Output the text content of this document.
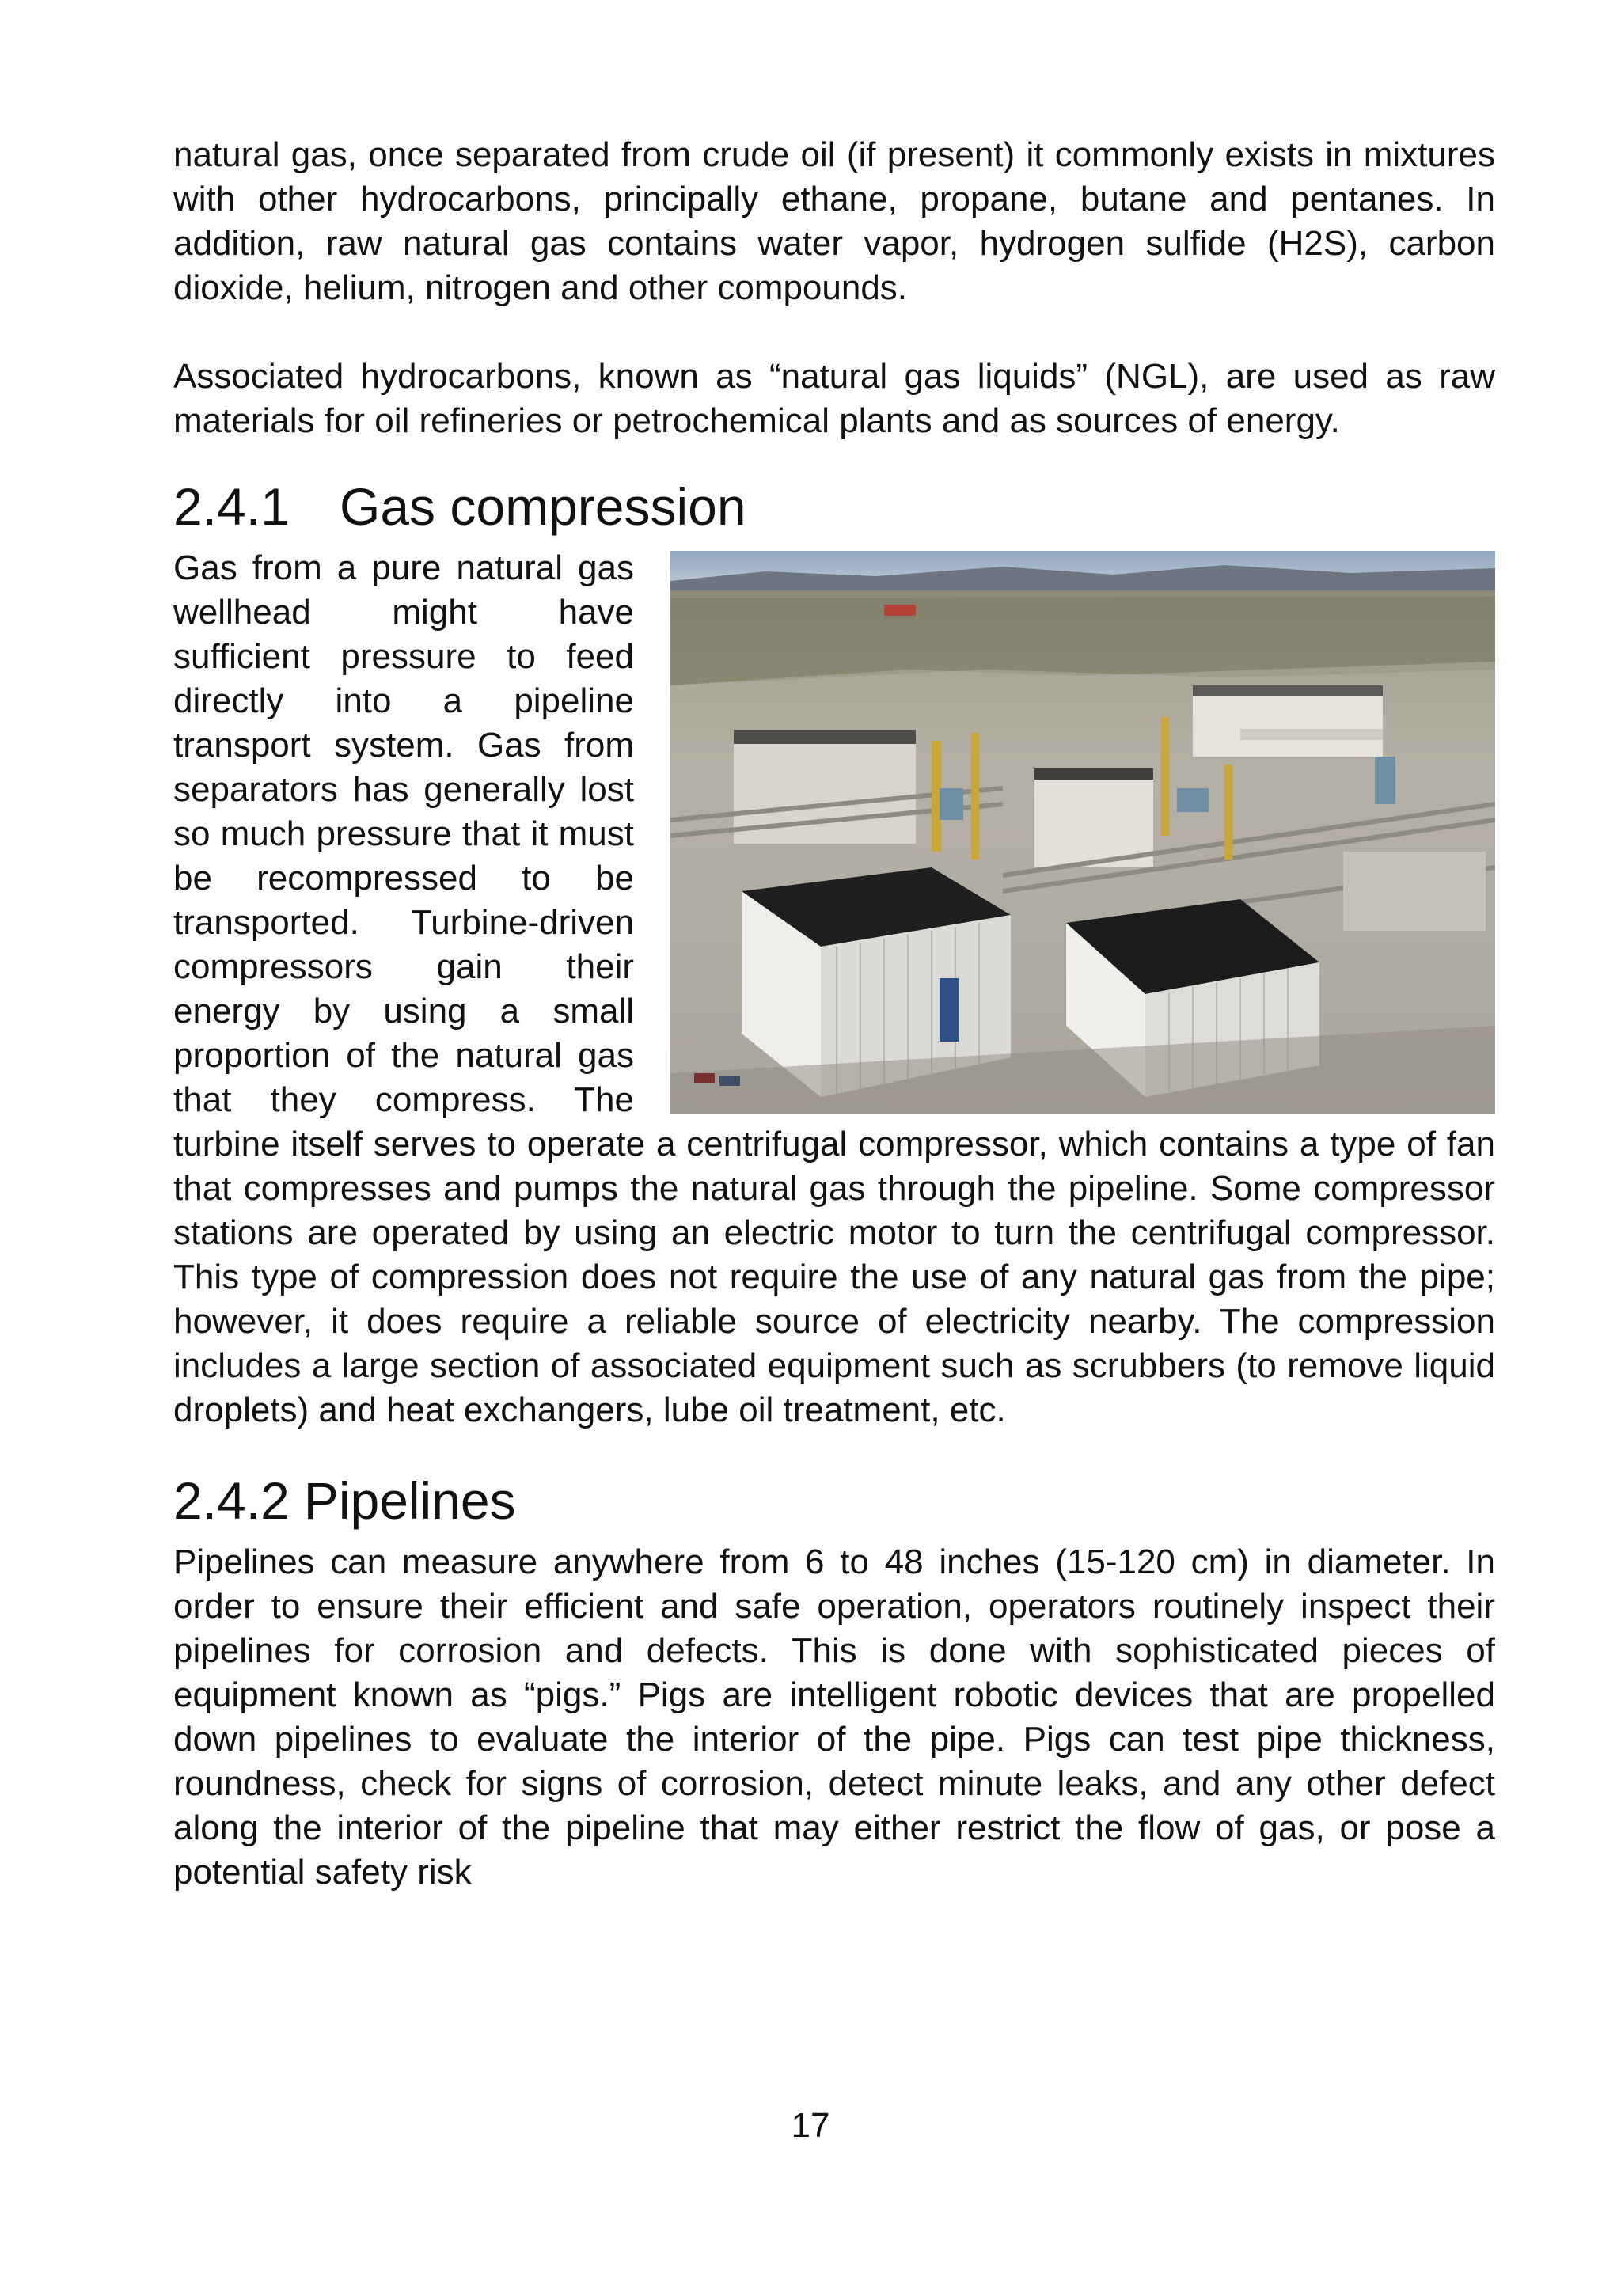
natural gas, once separated from crude oil (if present) it commonly exists in mixtures with other hydrocarbons, principally ethane, propane, butane and pentanes. In addition, raw natural gas contains water vapor, hydrogen sulfide (H2S), carbon dioxide, helium, nitrogen and other compounds.

Associated hydrocarbons, known as “natural gas liquids” (NGL), are used as raw materials for oil refineries or petrochemical plants and as sources of energy.

2.4.1 Gas compression

Gas from a pure natural gas wellhead might have sufficient pressure to feed directly into a pipeline transport system. Gas from separators has generally lost so much pressure that it must be recompressed to be transported. Turbine-driven compressors gain their energy by using a small proportion of the natural gas that they compress. The turbine itself serves to operate a centrifugal compressor, which contains a type of fan that compresses and pumps the natural gas through the pipeline. Some compressor stations are operated by using an electric motor to turn the centrifugal compressor. This type of compression does not require the use of any natural gas from the pipe; however, it does require a reliable source of electricity nearby. The compression includes a large section of associated equipment such as scrubbers (to remove liquid droplets) and heat exchangers, lube oil treatment, etc.

2.4.2 Pipelines

Pipelines can measure anywhere from 6 to 48 inches (15-120 cm) in diameter. In order to ensure their efficient and safe operation, operators routinely inspect their pipelines for corrosion and defects. This is done with sophisticated pieces of equipment known as “pigs.” Pigs are intelligent robotic devices that are propelled down pipelines to evaluate the interior of the pipe. Pigs can test pipe thickness, roundness, check for signs of corrosion, detect minute leaks, and any other defect along the interior of the pipeline that may either restrict the flow of gas, or pose a potential safety risk

17
